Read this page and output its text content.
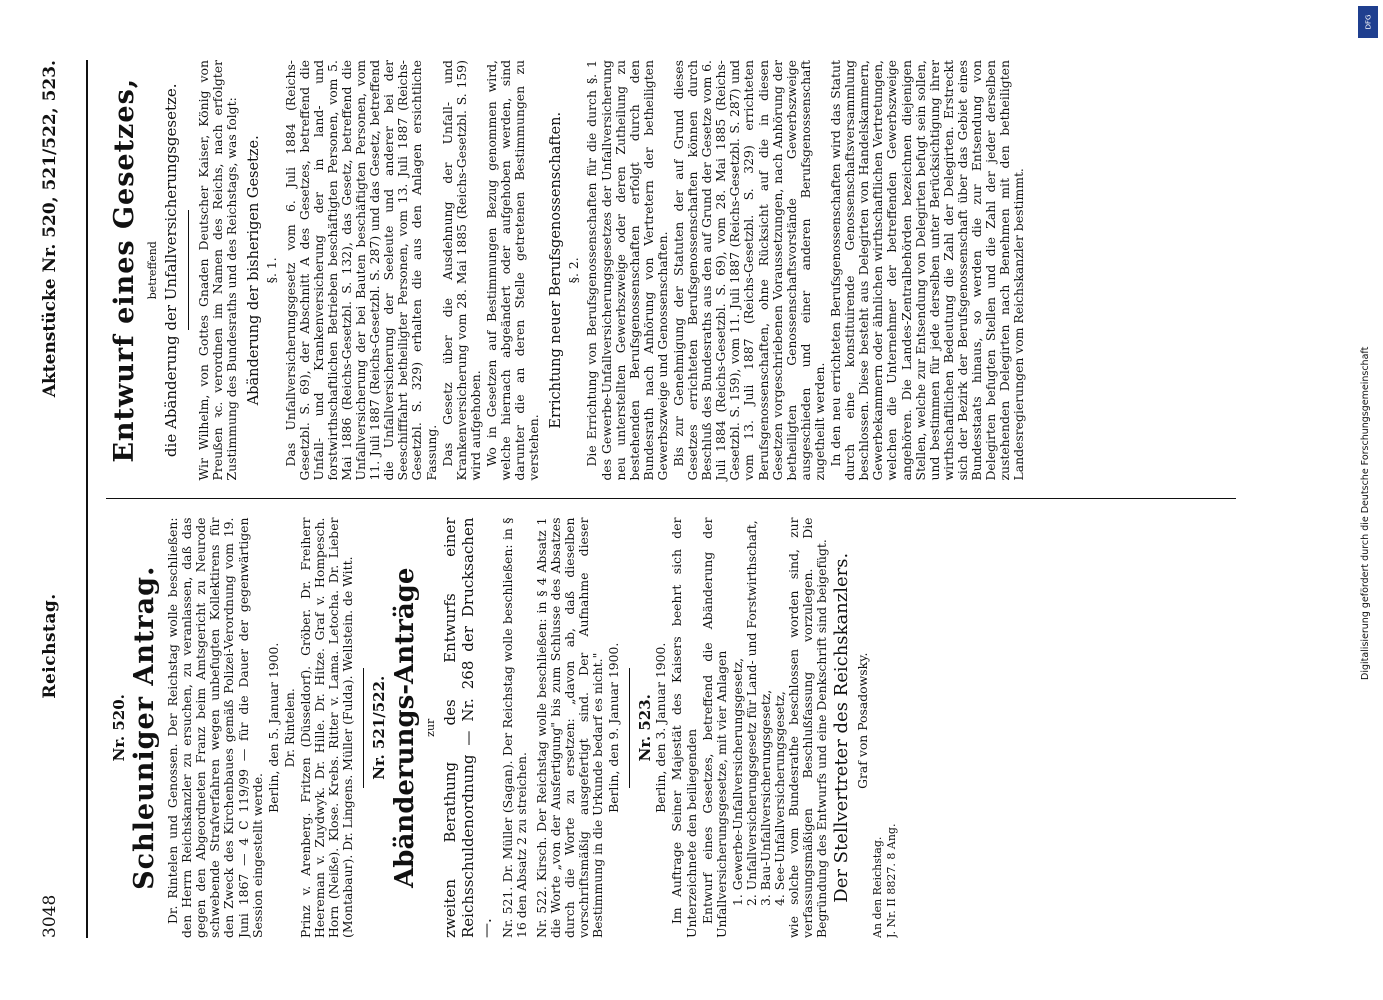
DFG
Digitalisierung gefördert durch die Deutsche Forschungsgemeinschaft
3048
Reichstag.
Aktenstücke Nr. 520, 521/522, 523.
Nr. 520. Schleuniger Antrag. Dr. Rintelen und Genossen. Der Reichstag wolle beschließen: den Herrn Reichskanzler zu ersuchen, zu veranlassen, daß das gegen den Abgeordneten Franz beim Amtsgericht zu Neurode schwebende Strafverfahren wegen unbefugten Kollektirens für den Zweck des Kirchenbaues gemäß Polizei-Verordnung vom 19. Juni 1867 — 4 C 119/99 — für die Dauer der gegenwärtigen Session eingestellt werde.

Berlin, den 5. Januar 1900. Dr. Rintelen. Prinz v. Arenberg. Fritzen (Düsseldorf). Gröber. Dr. Freiherr Heereman v. Zuydwyk. Dr. Hille. Dr. Hitze. Graf v. Hompesch. Horn (Neiße). Klose. Krebs. Ritter v. Lama. Letocha. Dr. Lieber (Montabaur). Dr. Lingens. Müller (Fulda). Wellstein. de Witt. Nr. 521/522. Abänderungs-Anträge zur zweiten Berathung des Entwurfs einer Reichsschuldenordnung — Nr. 268 der Drucksachen —. Nr. 521. Dr. Müller (Sagan). Der Reichstag wolle beschließen: in § 16 den Absatz 2 zu streichen. Nr. 522. Kirsch. Der Reichstag wolle beschließen: in § 4 Absatz 1 die Worte „von der Ausfertigung" bis zum Schlusse des Absatzes durch die Worte zu ersetzen: „davon ab, daß dieselben vorschriftsmäßig ausgefertigt sind. Der Aufnahme dieser Bestimmung in die Urkunde bedarf es nicht." Berlin, den 9. Januar 1900. Nr. 523. Berlin, den 3. Januar 1900. Im Auftrage Seiner Majestät des Kaisers beehrt sich der Unterzeichnete den beiliegenden Entwurf eines Gesetzes, betreffend die Abänderung der Unfallversicherungsgesetze, mit vier Anlagen 1. Gewerbe-Unfallversicherungsgesetz, 2. Unfallversicherungsgesetz für Land- und Forstwirthschaft, 3. Bau-Unfallversicherungsgesetz, 4. See-Unfallversicherungsgesetz, wie solche vom Bundesrathe beschlossen worden sind, zur verfassungsmäßigen Beschlußfassung vorzulegen. Die Begründung des Entwurfs und eine Denkschrift sind beigefügt. Der Stellvertreter des Reichskanzlers. Graf von Posadowsky.

An den Reichstag. J. Nr. II 8827. 8 Ang.

Entwurf eines Gesetzes, betreffend die Abänderung der Unfallversicherungsgesetze. Wir Wilhelm, von Gottes Gnaden Deutscher Kaiser, König von Preußen ꝛc. verordnen im Namen des Reichs, nach erfolgter Zustimmung des Bundesraths und des Reichstags, was folgt: Abänderung der bisherigen Gesetze. §. 1. Das Unfallversicherungsgesetz vom 6. Juli 1884 (Reichs-Gesetzbl. S. 69), der Abschnitt A des Gesetzes, betreffend die Unfall- und Krankenversicherung der in land- und forstwirthschaftlichen Betrieben beschäftigten Personen, vom 5. Mai 1886 (Reichs-Gesetzbl. S. 132), das Gesetz, betreffend die Unfallversicherung der bei Bauten beschäftigten Personen, vom 11. Juli 1887 (Reichs-Gesetzbl. S. 287) und das Gesetz, betreffend die Unfallversicherung der Seeleute und anderer bei der Seeschifffahrt betheiligter Personen, vom 13. Juli 1887 (Reichs-Gesetzbl. S. 329) erhalten die aus den Anlagen ersichtliche Fassung. Das Gesetz über die Ausdehnung der Unfall- und Krankenversicherung vom 28. Mai 1885 (Reichs-Gesetzbl. S. 159) wird aufgehoben. Wo in Gesetzen auf Bestimmungen Bezug genommen wird, welche hiernach abgeändert oder aufgehoben werden, sind darunter die an deren Stelle getretenen Bestimmungen zu verstehen.

Errichtung neuer Berufsgenossenschaften. §. 2. Die Errichtung von Berufsgenossenschaften für die durch §. 1 des Gewerbe-Unfallversicherungsgesetzes der Unfallversicherung neu unterstellten Gewerbszweige oder deren Zutheilung zu bestehenden Berufsgenossenschaften erfolgt durch den Bundesrath nach Anhörung von Vertretern der betheiligten Gewerbszweige und Genossenschaften. Bis zur Genehmigung der Statuten der auf Grund dieses Gesetzes errichteten Berufsgenossenschaften können durch Beschluß des Bundesraths aus den auf Grund der Gesetze vom 6. Juli 1884 (Reichs-Gesetzbl. S. 69), vom 28. Mai 1885 (Reichs-Gesetzbl. S. 159), vom 11. Juli 1887 (Reichs-Gesetzbl. S. 287) und vom 13. Juli 1887 (Reichs-Gesetzbl. S. 329) errichteten Berufsgenossenschaften, ohne Rücksicht auf die in diesen Gesetzen vorgeschriebenen Voraussetzungen, nach Anhörung der betheiligten Genossenschaftsvorstände Gewerbszweige ausgeschieden und einer anderen Berufsgenossenschaft zugetheilt werden. In den neu errichteten Berufsgenossenschaften wird das Statut durch eine konstituirende Genossenschaftsversammlung beschlossen. Diese besteht aus Delegirten von Handelskammern, Gewerbekammern oder ähnlichen wirthschaftlichen Vertretungen, welchen die Unternehmer der betreffenden Gewerbszweige angehören. Die Landes-Zentralbehörden bezeichnen diejenigen Stellen, welche zur Entsendung von Delegirten befugt sein sollen, und bestimmen für jede derselben unter Berücksichtigung ihrer wirthschaftlichen Bedeutung die Zahl der Delegirten. Erstreckt sich der Bezirk der Berufsgenossenschaft über das Gebiet eines Bundesstaats hinaus, so werden die zur Entsendung von Delegirten befugten Stellen und die Zahl der jeder derselben zustehenden Delegirten nach Benehmen mit den betheiligten Landesregierungen vom Reichskanzler bestimmt.
